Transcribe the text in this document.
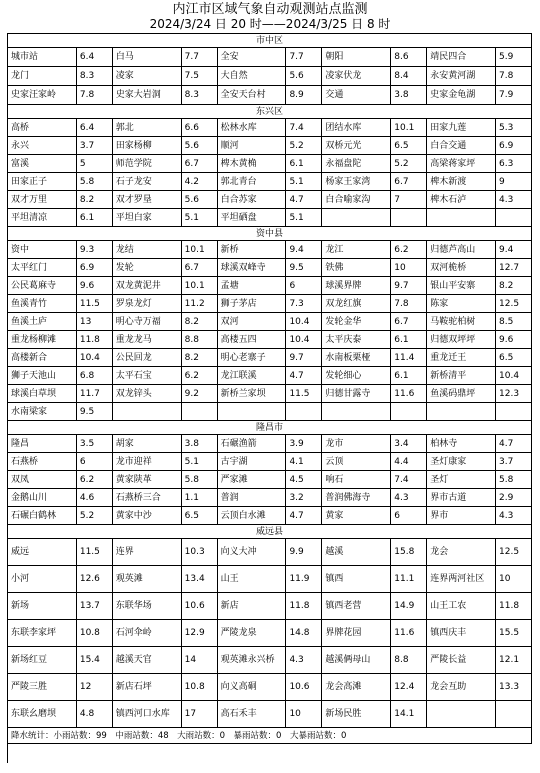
内江市区域气象自动观测站点监测
2024/3/24 日 20 时——2024/3/25 日 8 时
市中区
城市站	6.4	白马	7.7	全安	7.7	朝阳	8.6	靖民四合	5.9
龙门	8.3	凌家	7.5	大自然	5.6	凌家伏龙	8.4	永安黄河湖	7.8
史家汪家岭	7.8	史家大岩洞	8.3	全安天台村	8.9	交通	3.8	史家金龟湖	7.9
东兴区
高桥	6.4	郭北	6.6	松林水库	7.4	团结水库	10.1	田家九莲	5.3
永兴	3.7	田家杨柳	5.6	顺河	5.2	双桥元光	6.5	白合交通	6.9
富溪	5	师范学院	6.7	椑木黄桷	6.1	永福盘陀	5.2	高梁蒋家坪	6.3
田家正子	5.8	石子龙安	4.2	郭北青台	5.1	杨家王家湾	6.7	椑木新渡	9
双才万里	8.2	双才罗垦	5.6	白合苏家	4.7	白合喻家沟	7	椑木石泸	4.3
平坦清凉	6.1	平坦白家	5.1	平坦硒盘	5.1
资中县
资中	9.3	龙结	10.1	新桥	9.4	龙江	6.2	归德芦高山	9.4
太平红门	6.9	发轮	6.7	球溪双峰寺	9.5	铁佛	10	双河桅桥	12.7
公民葛麻寺	9.6	双龙黄泥井	10.1	孟塘	6	球溪界牌	9.7	银山平安寨	8.2
鱼溪青竹	11.5	罗泉龙灯	11.2	狮子茅店	7.3	双龙红旗	7.8	陈家	12.5
鱼溪土庐	13	明心寺万福	8.2	双河	10.4	发轮金华	6.7	马鞍驼柏树	8.5
重龙杨柳滩	11.8	重龙龙马	8.8	高楼五四	10.4	太平庆泰	6.1	归德双坪坪	9.6
高楼新合	10.4	公民回龙	8.2	明心老寨子	9.7	水南板栗桠	11.4	重龙迁王	6.5
狮子天池山	6.8	太平石宝	6.2	龙江联溪	4.7	发轮细心	6.1	新桥清平	10.4
球溪白草坝	11.7	双龙锌头	9.2	新桥兰家坝	11.5	归德甘露寺	11.6	鱼溪码鼎坪	12.3
水南梁家	9.5
隆昌市
隆昌	3.5	胡家	3.8	石碾渔箭	3.9	龙市	3.4	柏林寺	4.7
石燕桥	6	龙市迎祥	5.1	古宇湖	4.1	云顶	4.4	圣灯康家	3.7
双凤	6.2	黄家陕革	5.8	严家滩	4.5	响石	7.4	圣灯	5.8
金鹅山川	4.6	石燕桥三合	1.1	普润	3.2	普润佛海寺	4.3	界市古道	2.9
石碾白鹤林	5.2	黄家中沙	6.5	云顶白水滩	4.7	黄家	6	界市	4.3
威远县
威远	11.5	连界	10.3	向义大冲	9.9	越溪	15.8	龙会	12.5
小河	12.6	观英滩	13.4	山王	11.9	镇西	11.1	连界两河社区	10
新场	13.7	东联华场	10.6	新店	11.8	镇西老营	14.9	山王工农	11.8
东联李家坪	10.8	石河伞岭	12.9	严陵龙泉	14.8	界牌花园	11.6	镇西庆丰	15.5
新场红豆	15.4	越溪天官	14	观英滩永兴桥	4.3	越溪俩母山	8.8	严陵长益	12.1
严陵三胜	12	新店石坪	10.8	向义高硐	10.6	龙会高滩	12.4	龙会互助	13.3
东联幺磨坝	4.8	镇西河口水库	17	高石禾丰	10	新场民胜	14.1
降水统计：小雨站数：99　中雨站数：48　大雨站数：0　暴雨站数：0　大暴雨站数：0
